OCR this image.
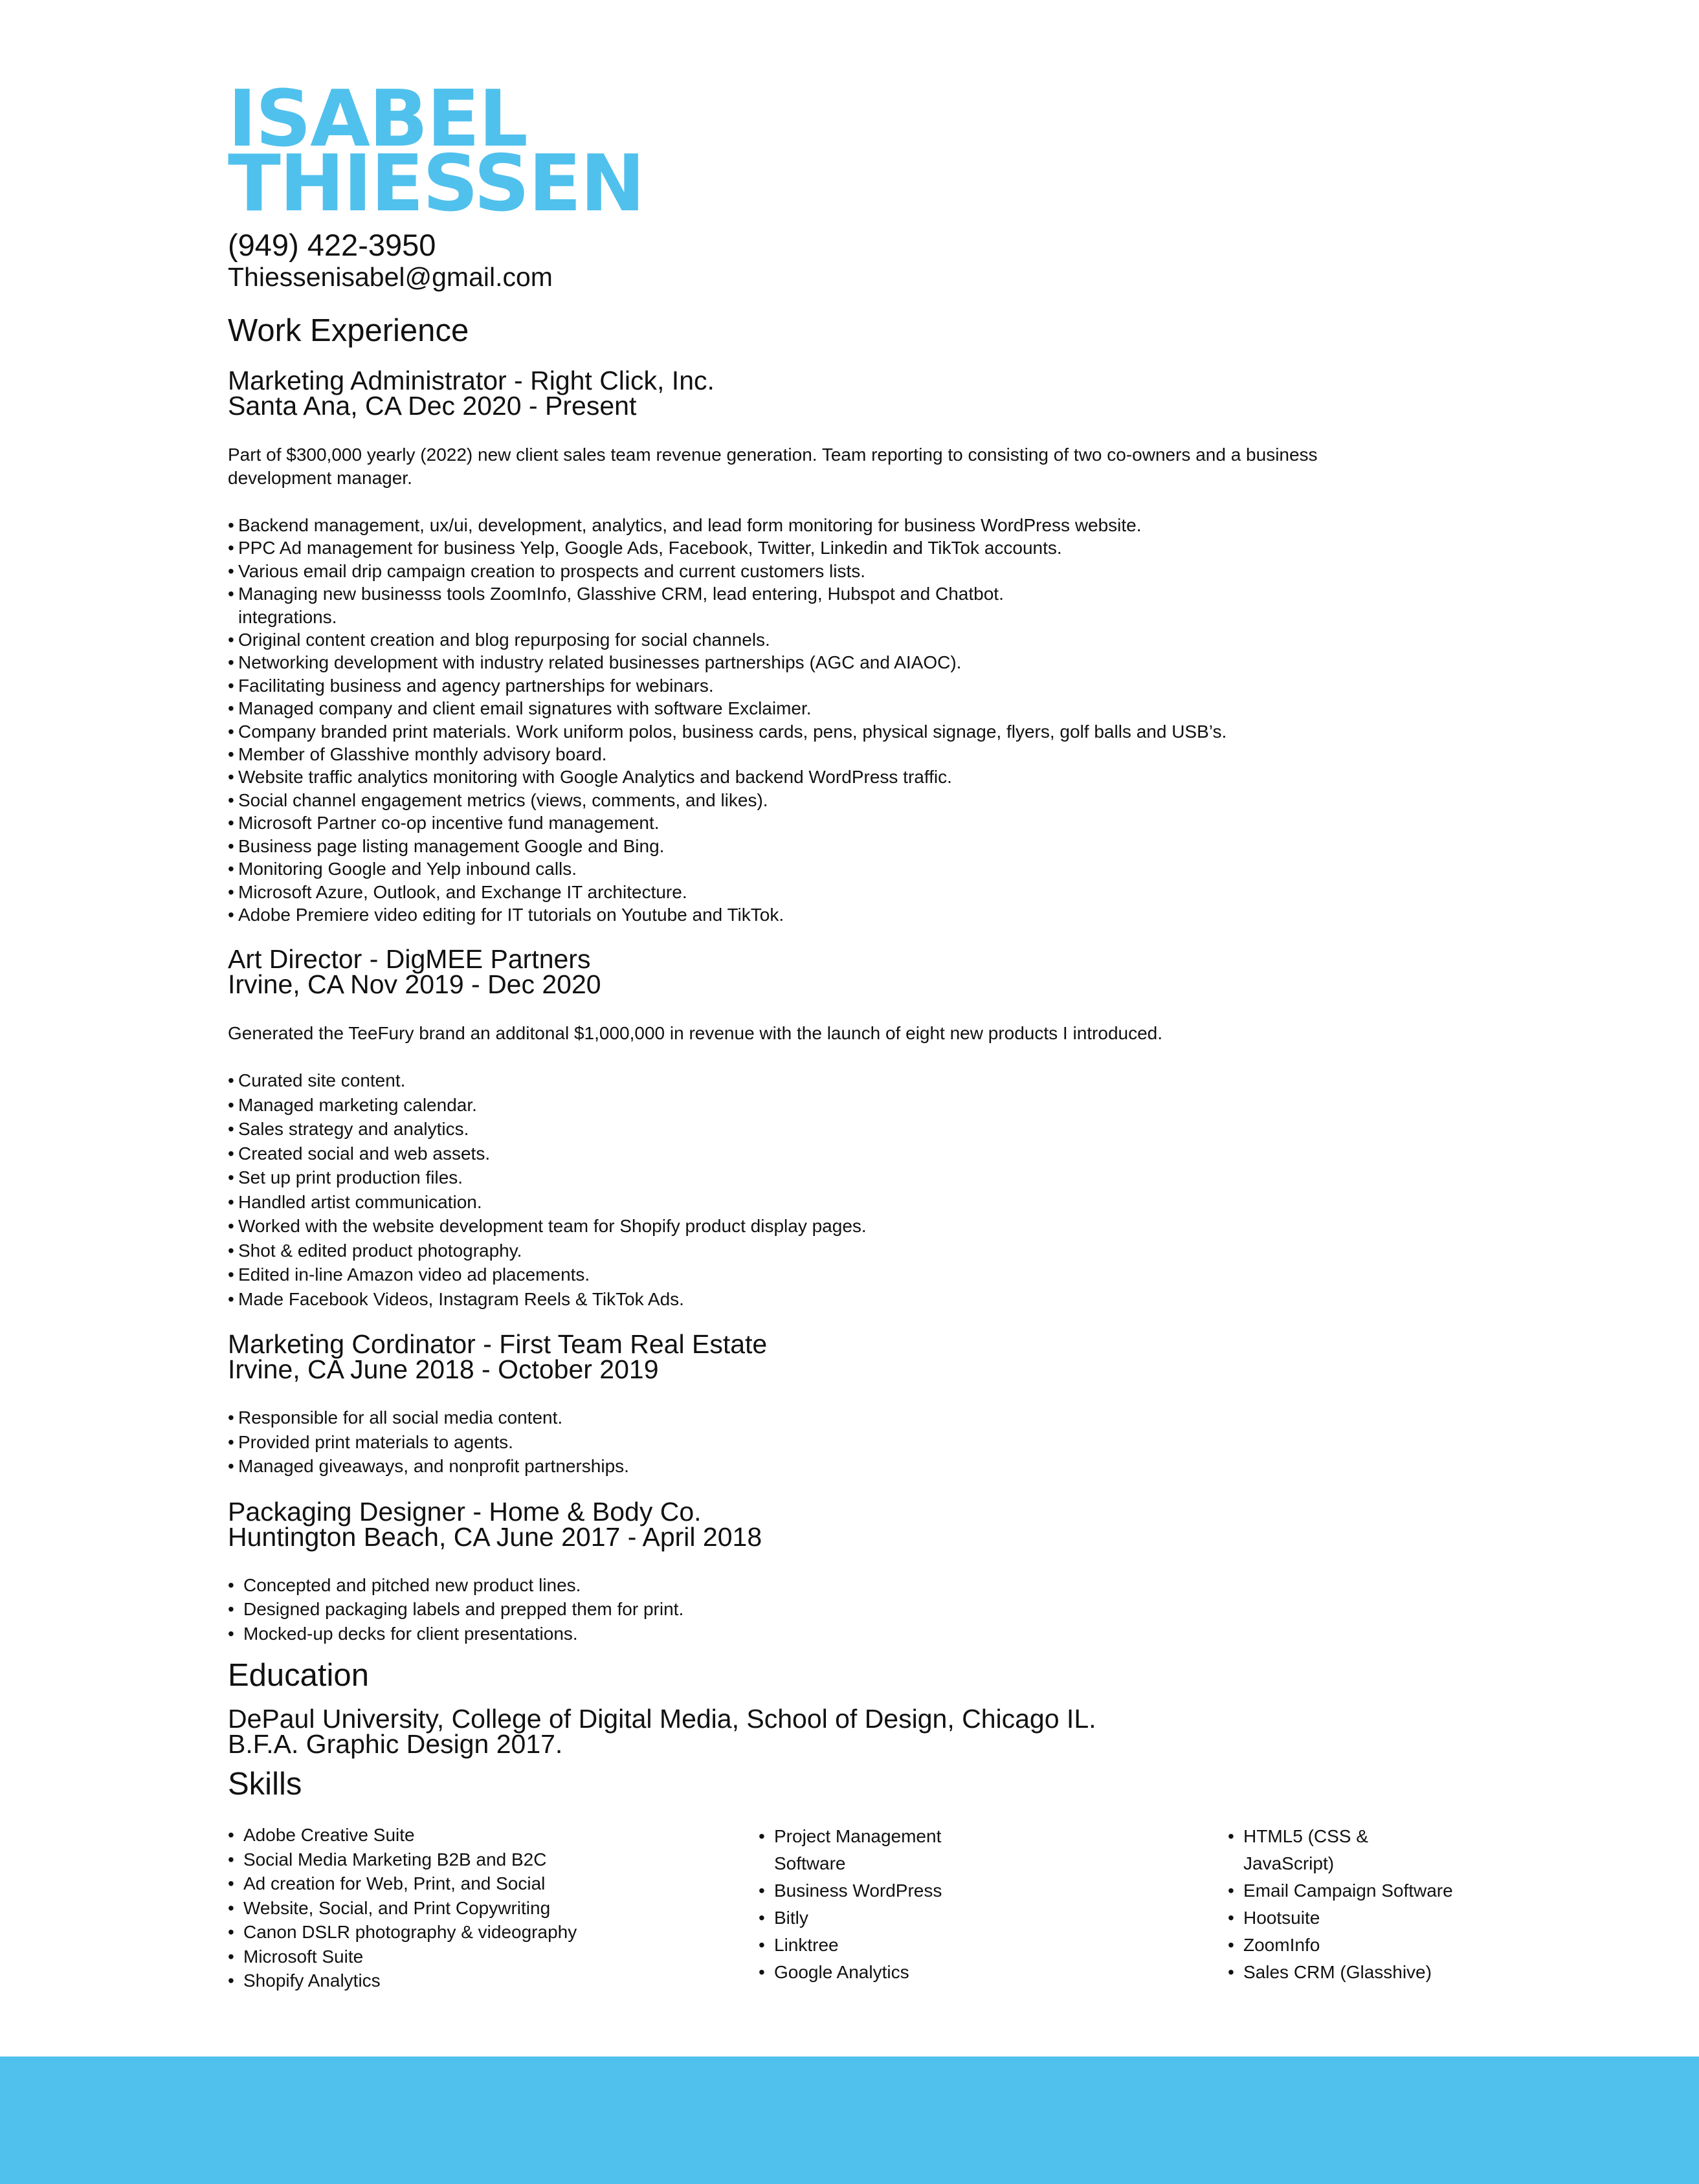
ISABEL
THIESSEN
(949) 422-3950
Thiessenisabel@gmail.com
Work Experience
Marketing Administrator - Right Click, Inc.
Santa Ana, CA Dec 2020 - Present
Part of $300,000 yearly (2022) new client sales team revenue generation. Team reporting to consisting of two co-owners and a business development manager.
• Backend management, ux/ui, development, analytics, and lead form monitoring for business WordPress website.
• PPC Ad management for business Yelp, Google Ads, Facebook, Twitter, Linkedin and TikTok accounts.
• Various email drip campaign creation to prospects and current customers lists.
• Managing new businesss tools ZoomInfo, Glasshive CRM, lead entering, Hubspot and Chatbot. integrations.
• Original content creation and blog repurposing for social channels.
• Networking development with industry related businesses partnerships (AGC and AIAOC).
• Facilitating business and agency partnerships for webinars.
• Managed company and client email signatures with software Exclaimer.
• Company branded print materials. Work uniform polos, business cards, pens, physical signage, flyers, golf balls and USB’s.
• Member of Glasshive monthly advisory board.
• Website traffic analytics monitoring with Google Analytics and backend WordPress traffic.
• Social channel engagement metrics (views, comments, and likes).
• Microsoft Partner co-op incentive fund management.
• Business page listing management Google and Bing.
• Monitoring Google and Yelp inbound calls.
• Microsoft Azure, Outlook, and Exchange IT architecture.
• Adobe Premiere video editing for IT tutorials on Youtube and TikTok.
Art Director - DigMEE Partners
Irvine, CA Nov 2019 - Dec 2020
Generated the TeeFury brand an additonal $1,000,000 in revenue with the launch of eight new products I introduced.
• Curated site content.
• Managed marketing calendar.
• Sales strategy and analytics.
• Created social and web assets.
• Set up print production files.
• Handled artist communication.
• Worked with the website development team for Shopify product display pages.
• Shot & edited product photography.
• Edited in-line Amazon video ad placements.
• Made Facebook Videos, Instagram Reels & TikTok Ads.
Marketing Cordinator - First Team Real Estate
Irvine, CA June 2018 - October 2019
• Responsible for all social media content.
• Provided print materials to agents.
• Managed giveaways, and nonprofit partnerships.
Packaging Designer - Home & Body Co.
Huntington Beach, CA June 2017 - April 2018
• Concepted and pitched new product lines.
• Designed packaging labels and prepped them for print.
• Mocked-up decks for client presentations.
Education
DePaul University, College of Digital Media, School of Design, Chicago IL.
B.F.A. Graphic Design 2017.
Skills
• Adobe Creative Suite
• Social Media Marketing B2B and B2C
• Ad creation for Web, Print, and Social
• Website, Social, and Print Copywriting
• Canon DSLR photography & videography
• Microsoft Suite
• Shopify Analytics
• Project Management Software
• Business WordPress
• Bitly
• Linktree
• Google Analytics
• HTML5 (CSS & JavaScript)
• Email Campaign Software
• Hootsuite
• ZoomInfo
• Sales CRM (Glasshive)
